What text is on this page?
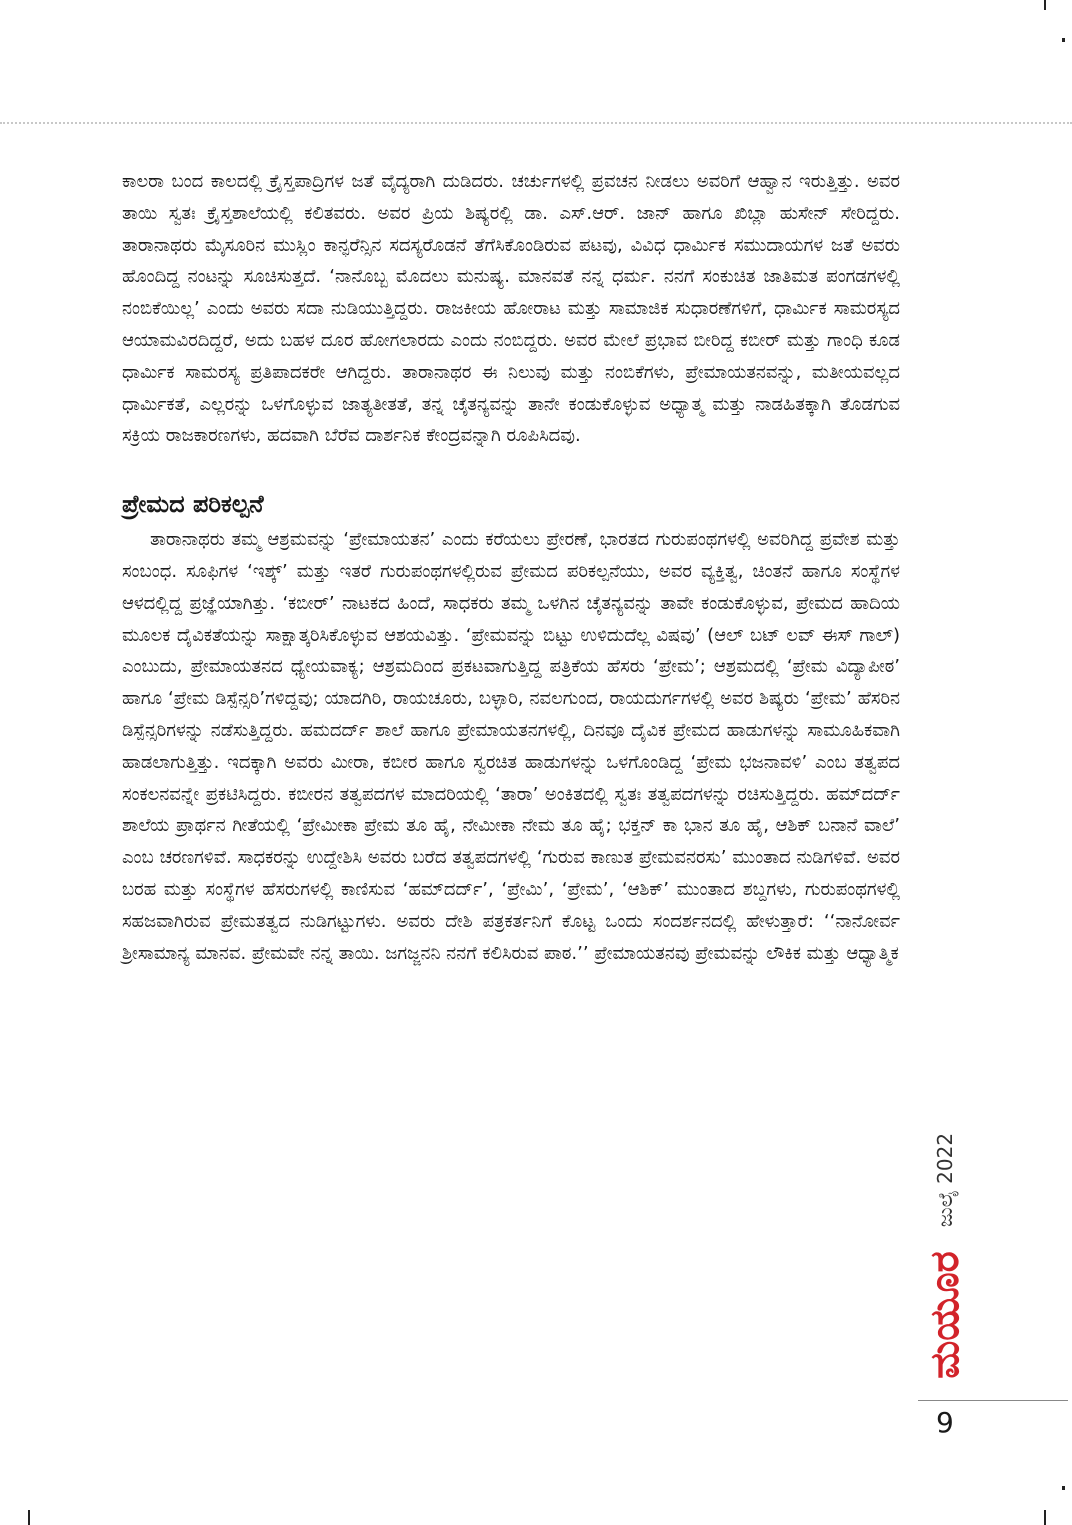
ಕಾಲರಾ ಬಂದ ಕಾಲದಲ್ಲಿ ಕ್ರೈಸ್ತಪಾದ್ರಿಗಳ ಜತೆ ವೈದ್ಯರಾಗಿ ದುಡಿದರು. ಚರ್ಚುಗಳಲ್ಲಿ ಪ್ರವಚನ ನೀಡಲು ಅವರಿಗೆ ಆಹ್ವಾನ ಇರುತ್ತಿತ್ತು. ಅವರ ತಾಯಿ ಸ್ವತಃ ಕ್ರೈಸ್ತಶಾಲೆಯಲ್ಲಿ ಕಲಿತವರು. ಅವರ ಪ್ರಿಯ ಶಿಷ್ಯರಲ್ಲಿ ಡಾ. ಎಸ್.ಆರ್. ಜಾನ್ ಹಾಗೂ ಖಿಬ್ಲಾ ಹುಸೇನ್ ಸೇರಿದ್ದರು. ತಾರಾನಾಥರು ಮೈಸೂರಿನ ಮುಸ್ಲಿಂ ಕಾನ್ಫರೆನ್ಸಿನ ಸದಸ್ಯರೊಡನೆ ತೆಗೆಸಿಕೊಂಡಿರುವ ಪಟವು, ವಿವಿಧ ಧಾರ್ಮಿಕ ಸಮುದಾಯಗಳ ಜತೆ ಅವರು ಹೊಂದಿದ್ದ ನಂಟನ್ನು ಸೂಚಿಸುತ್ತದೆ. ‘ನಾನೊಬ್ಬ ಮೊದಲು ಮನುಷ್ಯ. ಮಾನವತೆ ನನ್ನ ಧರ್ಮ. ನನಗೆ ಸಂಕುಚಿತ ಜಾತಿಮತ ಪಂಗಡಗಳಲ್ಲಿ ನಂಬಿಕೆಯಿಲ್ಲ’ ಎಂದು ಅವರು ಸದಾ ನುಡಿಯುತ್ತಿದ್ದರು. ರಾಜಕೀಯ ಹೋರಾಟ ಮತ್ತು ಸಾಮಾಜಿಕ ಸುಧಾರಣೆಗಳಿಗೆ, ಧಾರ್ಮಿಕ ಸಾಮರಸ್ಯದ ಆಯಾಮವಿರದಿದ್ದರೆ, ಅದು ಬಹಳ ದೂರ ಹೋಗಲಾರದು ಎಂದು ನಂಬಿದ್ದರು. ಅವರ ಮೇಲೆ ಪ್ರಭಾವ ಬೀರಿದ್ದ ಕಬೀರ್ ಮತ್ತು ಗಾಂಧಿ ಕೂಡ ಧಾರ್ಮಿಕ ಸಾಮರಸ್ಯ ಪ್ರತಿಪಾದಕರೇ ಆಗಿದ್ದರು. ತಾರಾನಾಥರ ಈ ನಿಲುವು ಮತ್ತು ನಂಬಿಕೆಗಳು, ಪ್ರೇಮಾಯತನವನ್ನು, ಮತೀಯವಲ್ಲದ ಧಾರ್ಮಿಕತೆ, ಎಲ್ಲರನ್ನು ಒಳಗೊಳ್ಳುವ ಜಾತ್ಯತೀತತೆ, ತನ್ನ ಚೈತನ್ಯವನ್ನು ತಾನೇ ಕಂಡುಕೊಳ್ಳುವ ಅಧ್ಯಾತ್ಮ ಮತ್ತು ನಾಡಹಿತಕ್ಕಾಗಿ ತೊಡಗುವ ಸಕ್ರಿಯ ರಾಜಕಾರಣಗಳು, ಹದವಾಗಿ ಬೆರೆವ ದಾರ್ಶನಿಕ ಕೇಂದ್ರವನ್ನಾಗಿ ರೂಪಿಸಿದವು.

ಪ್ರೇಮದ ಪರಿಕಲ್ಪನೆ

ತಾರಾನಾಥರು ತಮ್ಮ ಆಶ್ರಮವನ್ನು ‘ಪ್ರೇಮಾಯತನ’ ಎಂದು ಕರೆಯಲು ಪ್ರೇರಣೆ, ಭಾರತದ ಗುರುಪಂಥಗಳಲ್ಲಿ ಅವರಿಗಿದ್ದ ಪ್ರವೇಶ ಮತ್ತು ಸಂಬಂಧ. ಸೂಫಿಗಳ ‘ಇಶ್ಕ್’ ಮತ್ತು ಇತರೆ ಗುರುಪಂಥಗಳಲ್ಲಿರುವ ಪ್ರೇಮದ ಪರಿಕಲ್ಪನೆಯು, ಅವರ ವ್ಯಕ್ತಿತ್ವ, ಚಿಂತನೆ ಹಾಗೂ ಸಂಸ್ಥೆಗಳ ಆಳದಲ್ಲಿದ್ದ ಪ್ರಜ್ಞೆಯಾಗಿತ್ತು. ‘ಕಬೀರ್’ ನಾಟಕದ ಹಿಂದೆ, ಸಾಧಕರು ತಮ್ಮ ಒಳಗಿನ ಚೈತನ್ಯವನ್ನು ತಾವೇ ಕಂಡುಕೊಳ್ಳುವ, ಪ್ರೇಮದ ಹಾದಿಯ ಮೂಲಕ ದೈವಿಕತೆಯನ್ನು ಸಾಕ್ಷಾತ್ಕರಿಸಿಕೊಳ್ಳುವ ಆಶಯವಿತ್ತು. ‘ಪ್ರೇಮವನ್ನು ಬಿಟ್ಟು ಉಳಿದುದೆಲ್ಲ ವಿಷವು’ (ಆಲ್ ಬಟ್ ಲವ್ ಈಸ್ ಗಾಲ್) ಎಂಬುದು, ಪ್ರೇಮಾಯತನದ ಧ್ಯೇಯವಾಕ್ಯ; ಆಶ್ರಮದಿಂದ ಪ್ರಕಟವಾಗುತ್ತಿದ್ದ ಪತ್ರಿಕೆಯ ಹೆಸರು ‘ಪ್ರೇಮ’; ಆಶ್ರಮದಲ್ಲಿ ‘ಪ್ರೇಮ ವಿದ್ಯಾಪೀಠ’ ಹಾಗೂ ‘ಪ್ರೇಮ ಡಿಸ್ಪೆನ್ಸರಿ’ಗಳಿದ್ದವು; ಯಾದಗಿರಿ, ರಾಯಚೂರು, ಬಳ್ಳಾರಿ, ನವಲಗುಂದ, ರಾಯದುರ್ಗಗಳಲ್ಲಿ ಅವರ ಶಿಷ್ಯರು ‘ಪ್ರೇಮ’ ಹೆಸರಿನ ಡಿಸ್ಪೆನ್ಸರಿಗಳನ್ನು ನಡೆಸುತ್ತಿದ್ದರು. ಹಮದರ್ದ್ ಶಾಲೆ ಹಾಗೂ ಪ್ರೇಮಾಯತನಗಳಲ್ಲಿ, ದಿನವೂ ದೈವಿಕ ಪ್ರೇಮದ ಹಾಡುಗಳನ್ನು ಸಾಮೂಹಿಕವಾಗಿ ಹಾಡಲಾಗುತ್ತಿತ್ತು. ಇದಕ್ಕಾಗಿ ಅವರು ಮೀರಾ, ಕಬೀರ ಹಾಗೂ ಸ್ವರಚಿತ ಹಾಡುಗಳನ್ನು ಒಳಗೊಂಡಿದ್ದ ‘ಪ್ರೇಮ ಭಜನಾವಳಿ’ ಎಂಬ ತತ್ವಪದ ಸಂಕಲನವನ್ನೇ ಪ್ರಕಟಿಸಿದ್ದರು. ಕಬೀರನ ತತ್ವಪದಗಳ ಮಾದರಿಯಲ್ಲಿ ‘ತಾರಾ’ ಅಂಕಿತದಲ್ಲಿ ಸ್ವತಃ ತತ್ವಪದಗಳನ್ನು ರಚಿಸುತ್ತಿದ್ದರು. ಹಮ್‌ದರ್ದ್ ಶಾಲೆಯ ಪ್ರಾರ್ಥನ ಗೀತೆಯಲ್ಲಿ ‘ಪ್ರೇಮೀಕಾ ಪ್ರೇಮ ತೂ ಹೈ, ನೇಮೀಕಾ ನೇಮ ತೂ ಹೈ; ಭಕ್ತನ್ ಕಾ ಭಾನ ತೂ ಹೈ, ಆಶಿಕ್ ಬನಾನೆ ವಾಲೆ’ ಎಂಬ ಚರಣಗಳಿವೆ. ಸಾಧಕರನ್ನು ಉದ್ದೇಶಿಸಿ ಅವರು ಬರೆದ ತತ್ವಪದಗಳಲ್ಲಿ ‘ಗುರುವ ಕಾಣುತ ಪ್ರೇಮವನರಸು’ ಮುಂತಾದ ನುಡಿಗಳಿವೆ. ಅವರ ಬರಹ ಮತ್ತು ಸಂಸ್ಥೆಗಳ ಹೆಸರುಗಳಲ್ಲಿ ಕಾಣಿಸುವ ‘ಹಮ್‌ದರ್ದ್’, ‘ಪ್ರೇಮಿ’, ‘ಪ್ರೇಮ’, ‘ಆಶಿಕ್’ ಮುಂತಾದ ಶಬ್ದಗಳು, ಗುರುಪಂಥಗಳಲ್ಲಿ ಸಹಜವಾಗಿರುವ ಪ್ರೇಮತತ್ವದ ನುಡಿಗಟ್ಟುಗಳು. ಅವರು ದೇಶಿ ಪತ್ರಕರ್ತನಿಗೆ ಕೊಟ್ಟ ಒಂದು ಸಂದರ್ಶನದಲ್ಲಿ ಹೇಳುತ್ತಾರೆ: ‘‘ನಾನೋರ್ವ ಶ್ರೀಸಾಮಾನ್ಯ ಮಾನವ. ಪ್ರೇಮವೇ ನನ್ನ ತಾಯಿ. ಜಗಜ್ಜನನಿ ನನಗೆ ಕಲಿಸಿರುವ ಪಾಠ.’’ ಪ್ರೇಮಾಯತನವು ಪ್ರೇಮವನ್ನು ಲೌಕಿಕ ಮತ್ತು ಆಧ್ಯಾತ್ಮಿಕ

ಜುಲೈ 2022
ಮಯೂರ
9
